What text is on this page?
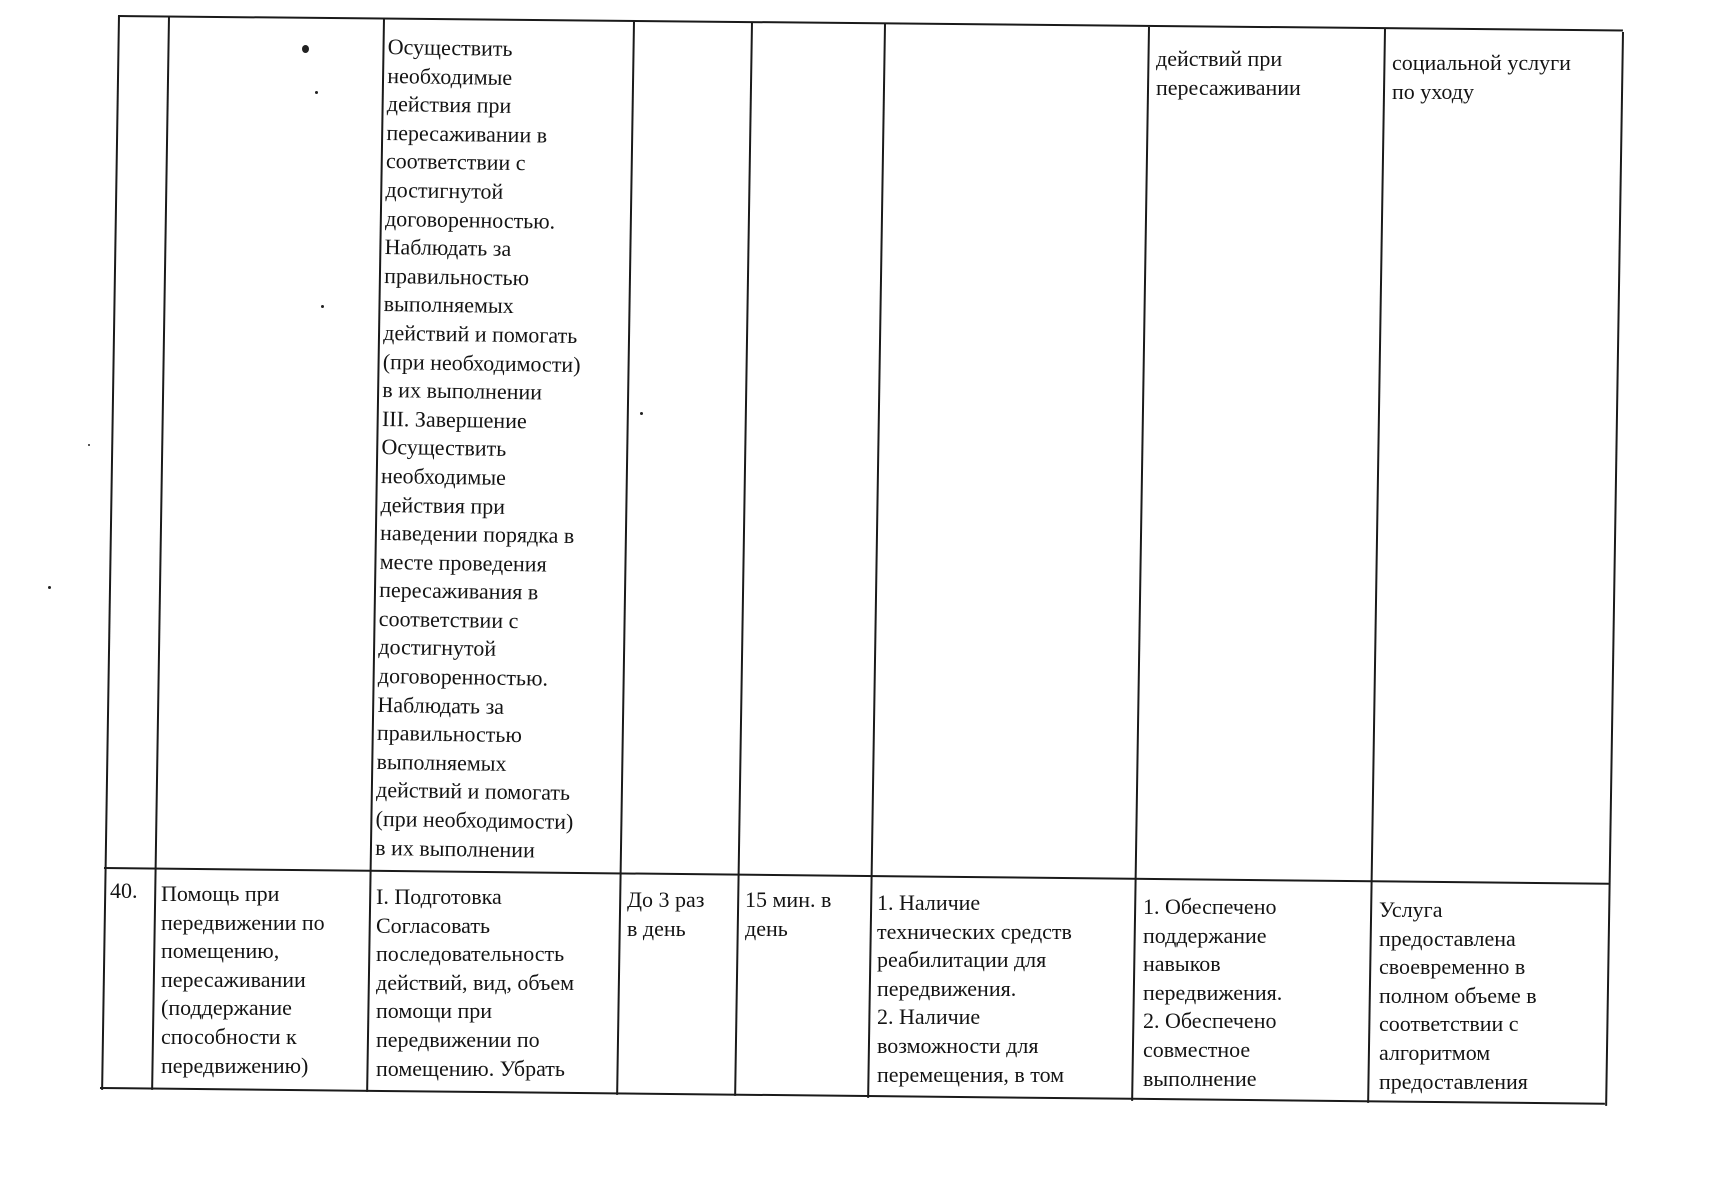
Осуществить
необходимые
действия при
пересаживании в
соответствии с
достигнутой
договоренностью.
Наблюдать за
правильностью
выполняемых
действий и помогать
(при необходимости)
в их выполнении
III. Завершение
Осуществить
необходимые
действия при
наведении порядка в
месте проведения
пересаживания в
соответствии с
достигнутой
договоренностью.
Наблюдать за
правильностью
выполняемых
действий и помогать
(при необходимости)
в их выполнении
действий при
пересаживании
социальной услуги
по уходу
40.	Помощь при
передвижении по
помещению,
пересаживании
(поддержание
способности к
передвижению)
I. Подготовка
Согласовать
последовательность
действий, вид, объем
помощи при
передвижении по
помещению. Убрать
До 3 раз
в день
15 мин. в
день
1. Наличие
технических средств
реабилитации для
передвижения.
2. Наличие
возможности для
перемещения, в том
1. Обеспечено
поддержание
навыков
передвижения.
2. Обеспечено
совместное
выполнение
Услуга
предоставлена
своевременно в
полном объеме в
соответствии с
алгоритмом
предоставления
